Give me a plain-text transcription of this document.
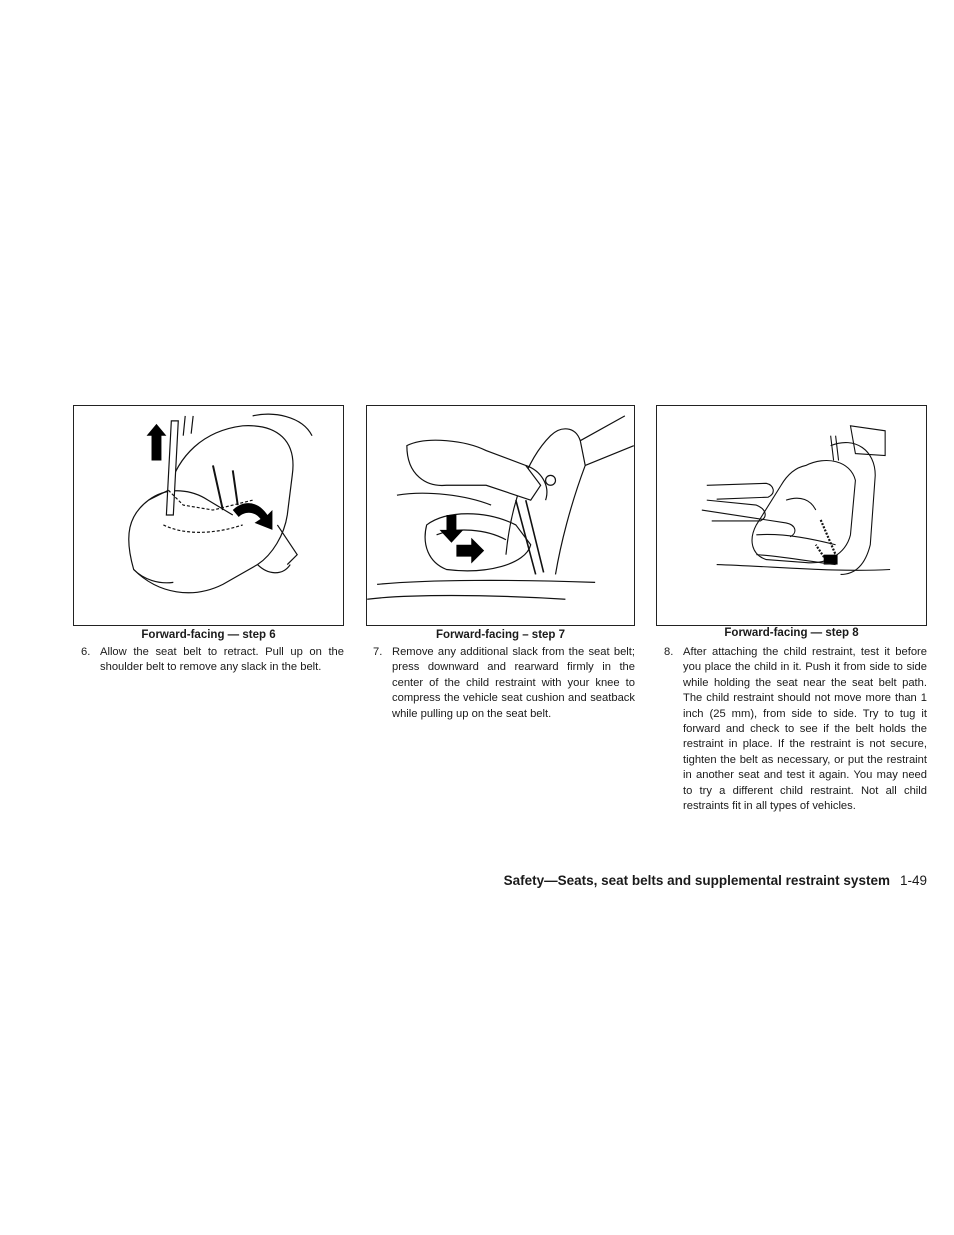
Forward-facing — step 6	Forward-facing – step 7	Forward-facing — step 8
6. Allow the seat belt to retract. Pull up on the shoulder belt to remove any slack in the belt.
7. Remove any additional slack from the seat belt; press downward and rearward firmly in the center of the child restraint with your knee to compress the vehicle seat cushion and seatback while pulling up on the seat belt.
8. After attaching the child restraint, test it before you place the child in it. Push it from side to side while holding the seat near the seat belt path. The child restraint should not move more than 1 inch (25 mm), from side to side. Try to tug it forward and check to see if the belt holds the restraint in place. If the restraint is not secure, tighten the belt as necessary, or put the restraint in another seat and test it again. You may need to try a different child restraint. Not all child restraints fit in all types of vehicles.
Safety—Seats, seat belts and supplemental restraint system 1-49
